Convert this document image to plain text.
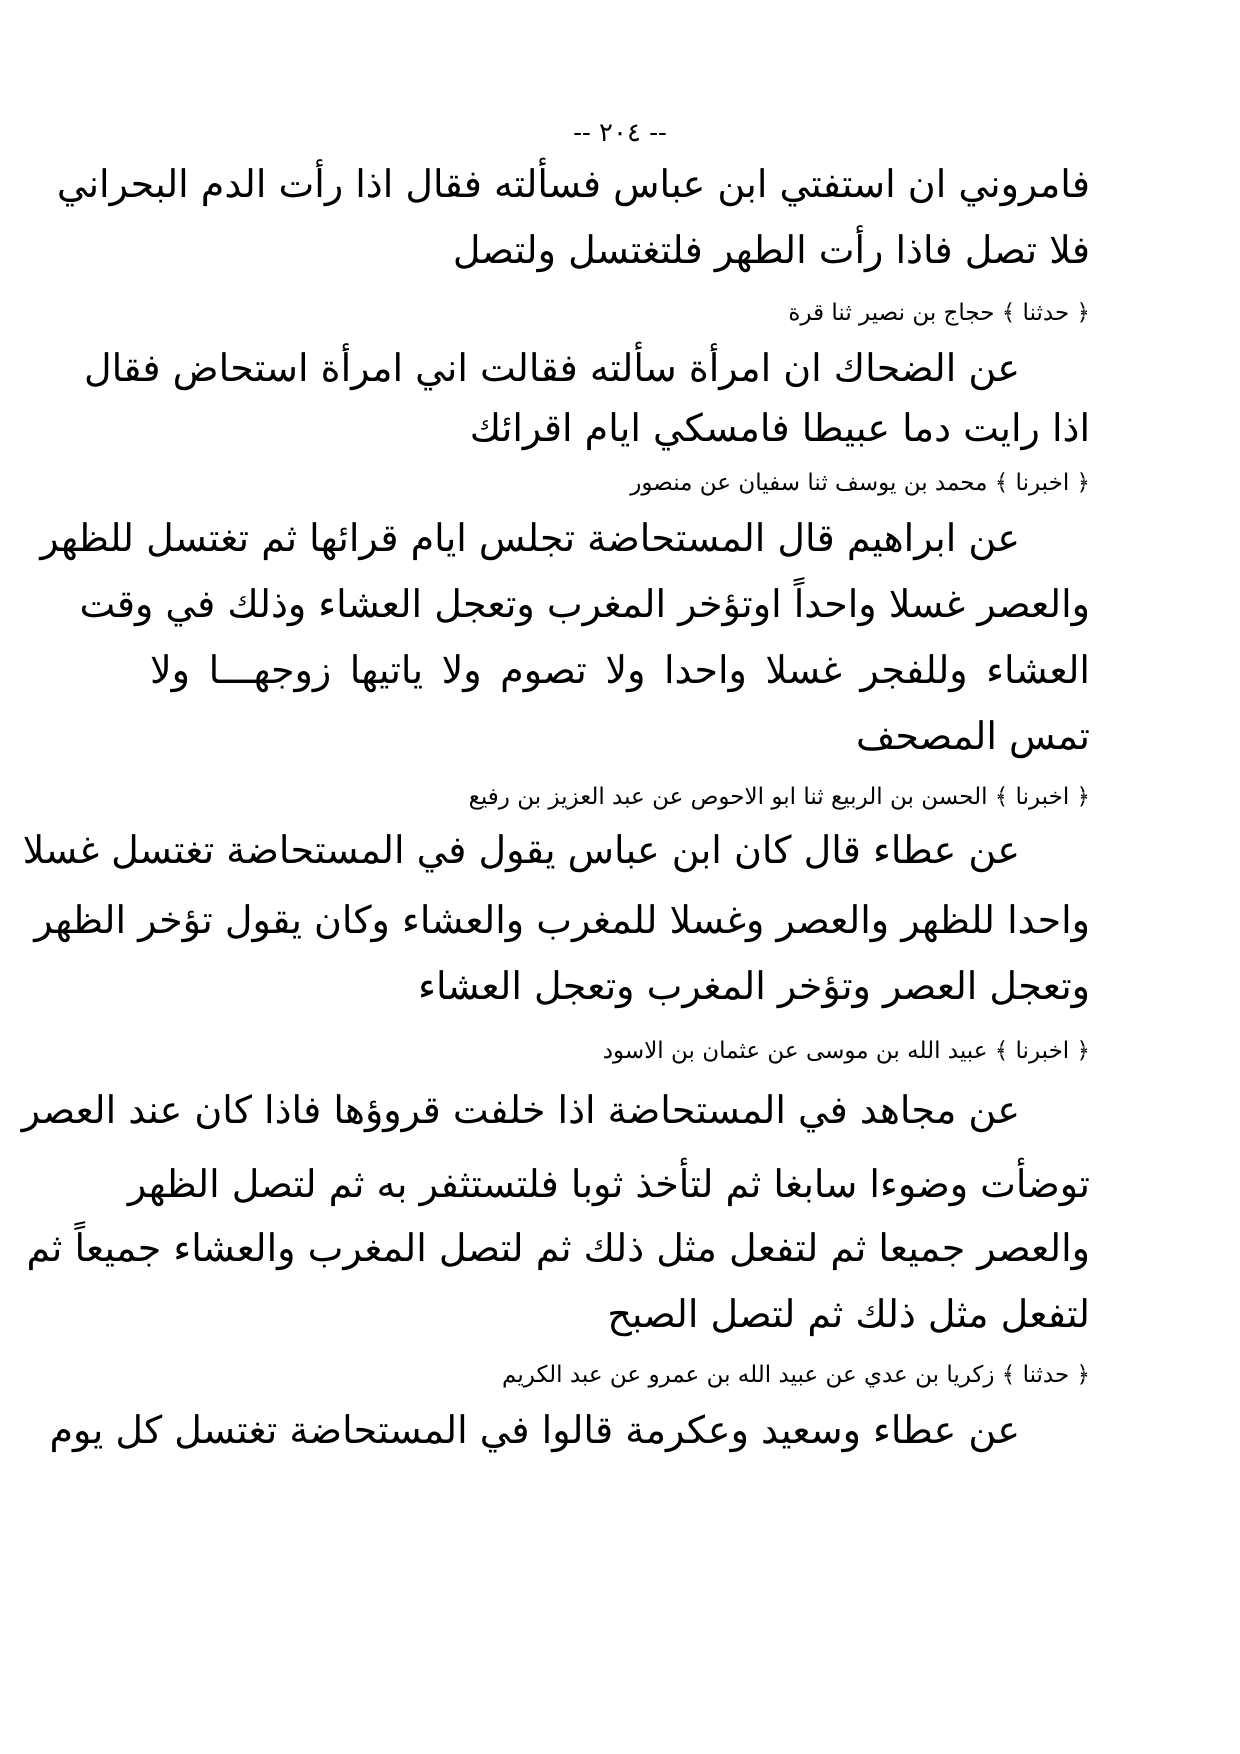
-- ٢٠٤ --
فامروني ان استفتي ابن عباس فسألته فقال اذا رأت الدم البحراني
فلا تصل فاذا رأت الطهر فلتغتسل ولتصل
﴿ حدثنا ﴾ حجاج بن نصير ثنا قرة
عن الضحاك ان امرأة سألته فقالت اني امرأة استحاض فقال
اذا رايت دما عبيطا فامسكي ايام اقرائك
﴿ اخبرنا ﴾ محمد بن يوسف ثنا سفيان عن منصور
عن ابراهيم قال المستحاضة تجلس ايام قرائها ثم تغتسل للظهر
والعصر غسلا واحداً اوتؤخر المغرب وتعجل العشاء وذلك في وقت
العشاء وللفجر غسلا واحدا ولا تصوم ولا ياتيها زوجهـــا ولا
تمس المصحف
﴿ اخبرنا ﴾ الحسن بن الربيع ثنا ابو الاحوص عن عبد العزيز بن رفيع
عن عطاء قال كان ابن عباس يقول في المستحاضة تغتسل غسلا
واحدا للظهر والعصر وغسلا للمغرب والعشاء وكان يقول تؤخر الظهر
وتعجل العصر وتؤخر المغرب وتعجل العشاء
﴿ اخبرنا ﴾ عبيد الله بن موسى عن عثمان بن الاسود
عن مجاهد في المستحاضة اذا خلفت قروؤها فاذا كان عند العصر
توضأت وضوءا سابغا ثم لتأخذ ثوبا فلتستثفر به ثم لتصل الظهر
والعصر جميعا ثم لتفعل مثل ذلك ثم لتصل المغرب والعشاء جميعاً ثم
لتفعل مثل ذلك ثم لتصل الصبح
﴿ حدثنا ﴾ زكريا بن عدي عن عبيد الله بن عمرو عن عبد الكريم
عن عطاء وسعيد وعكرمة قالوا في المستحاضة تغتسل كل يوم
